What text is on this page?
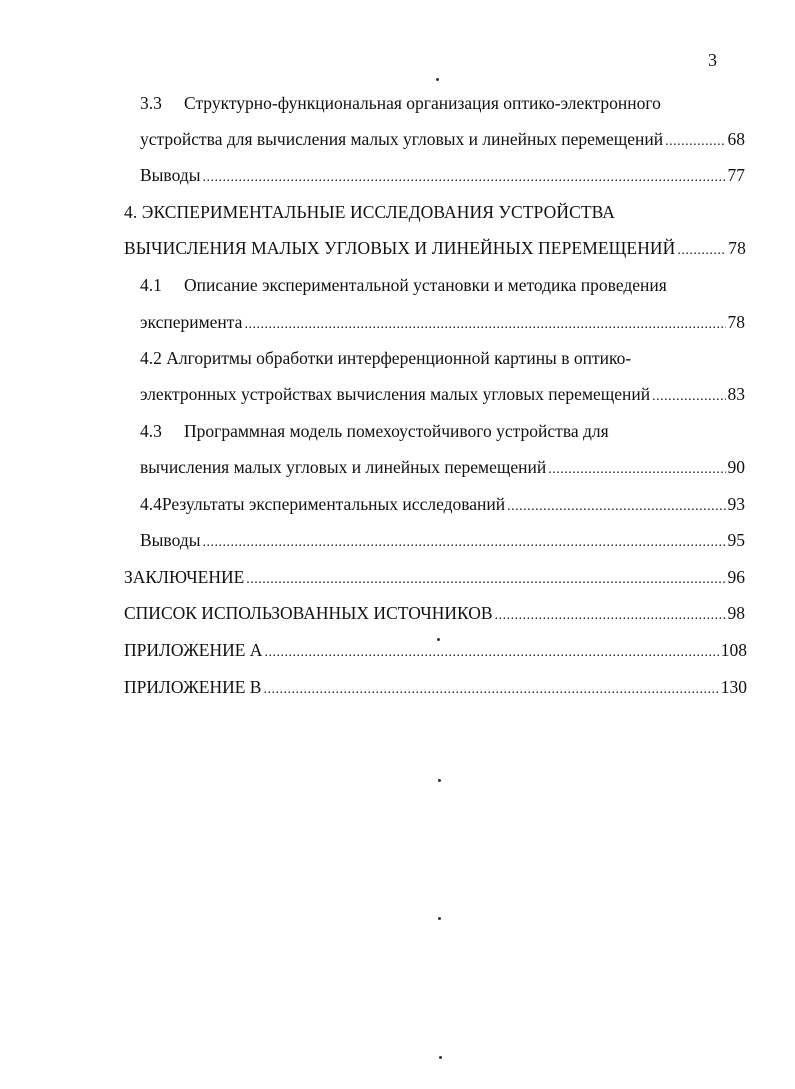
3
3.3	Структурно-функциональная организация оптико-электронного
устройства для вычисления малых угловых и линейных перемещений .....	68
Выводы .....	77
4. ЭКСПЕРИМЕНТАЛЬНЫЕ ИССЛЕДОВАНИЯ УСТРОЙСТВА
ВЫЧИСЛЕНИЯ МАЛЫХ УГЛОВЫХ И ЛИНЕЙНЫХ ПЕРЕМЕЩЕНИЙ .....	78
4.1	Описание экспериментальной установки и методика проведения
эксперимента .....	78
4.2 Алгоритмы обработки интерференционной картины в оптико-
электронных устройствах вычисления малых угловых перемещений .....	83
4.3	Программная модель помехоустойчивого устройства для
вычисления малых угловых и линейных перемещений .....	90
4.4 Результаты экспериментальных исследований .....	93
Выводы .....	95
ЗАКЛЮЧЕНИЕ .....	96
СПИСОК ИСПОЛЬЗОВАННЫХ ИСТОЧНИКОВ .....	98
ПРИЛОЖЕНИЕ А .....	108
ПРИЛОЖЕНИЕ В .....	130
